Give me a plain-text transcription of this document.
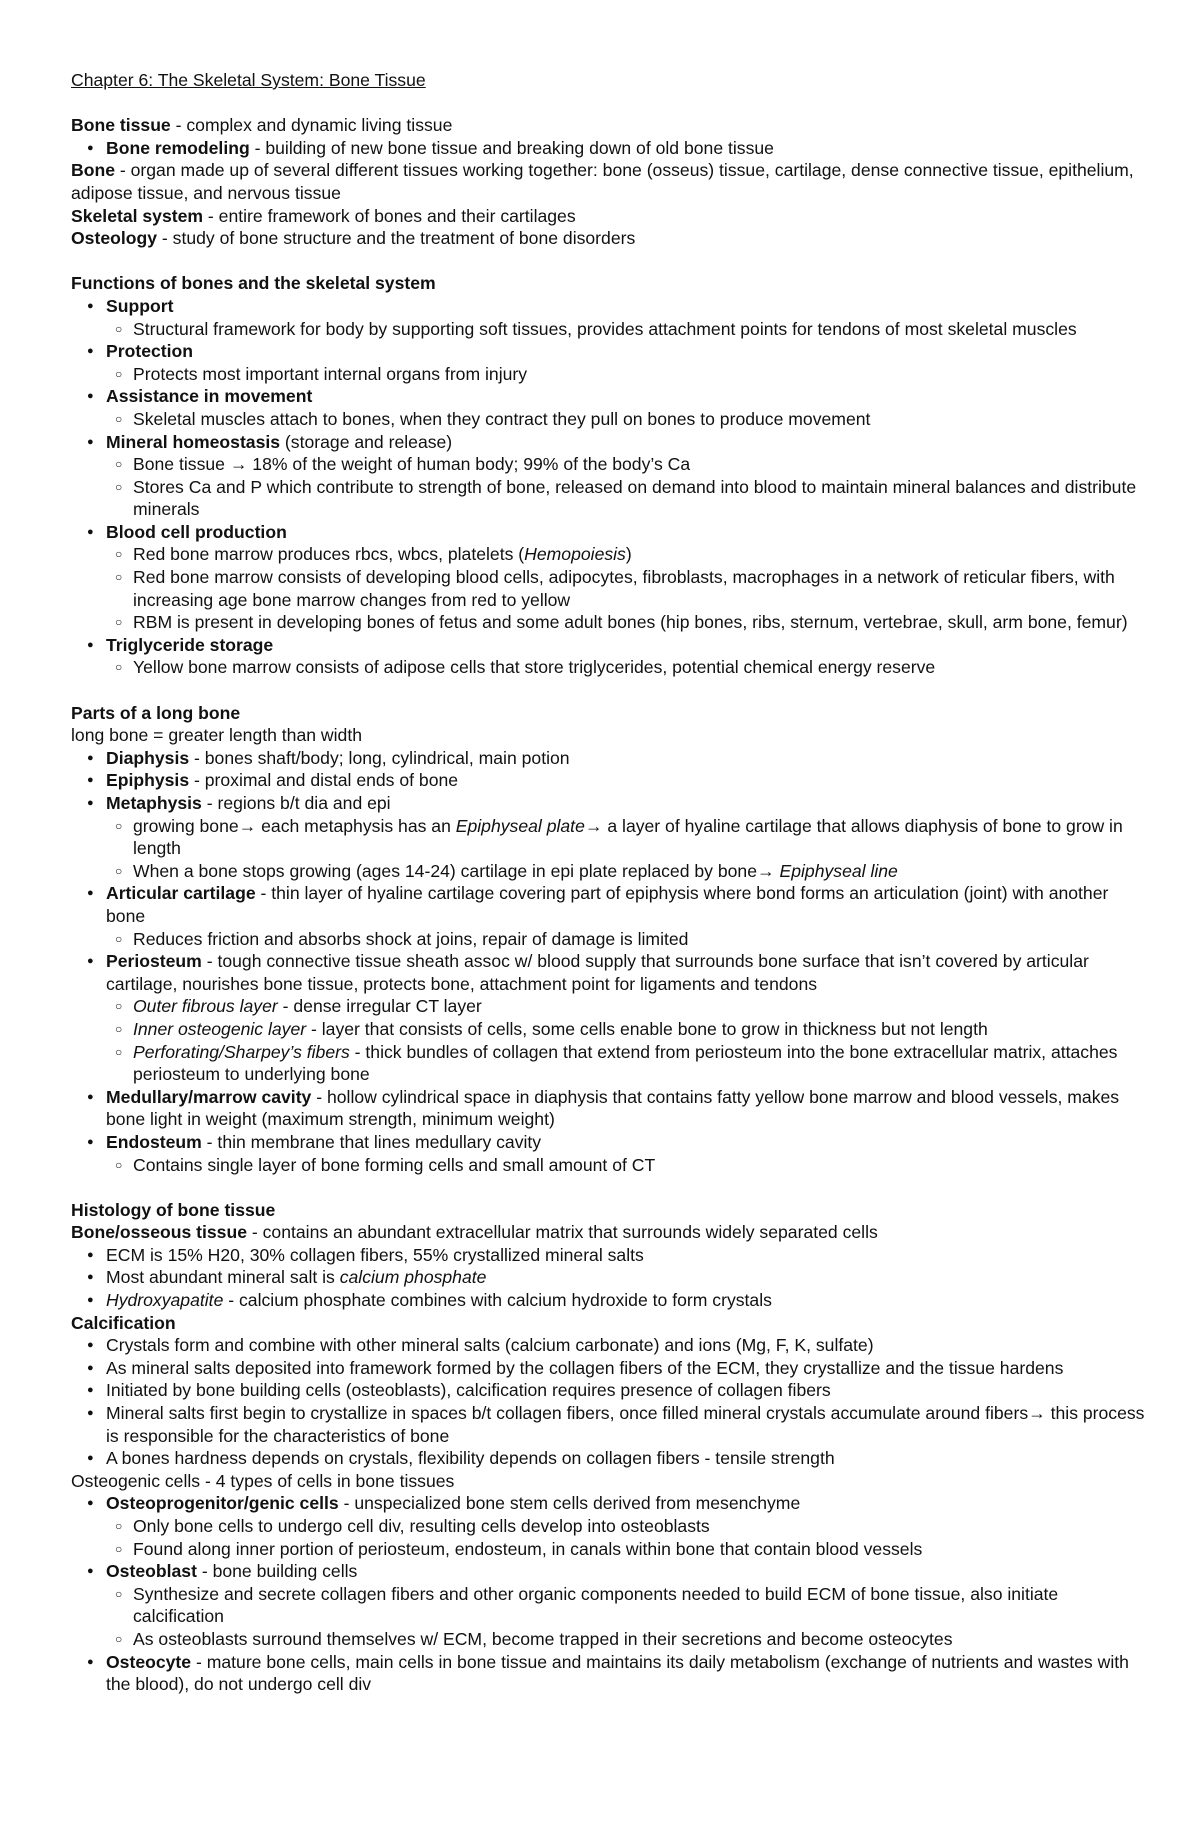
Chapter 6: The Skeletal System: Bone Tissue

Bone tissue - complex and dynamic living tissue

● Bone remodeling - building of new bone tissue and breaking down of old bone tissue

Bone - organ made up of several different tissues working together: bone (osseus) tissue, cartilage, dense connective tissue, epithelium, adipose tissue, and nervous tissue

Skeletal system - entire framework of bones and their cartilages

Osteology - study of bone structure and the treatment of bone disorders

Functions of bones and the skeletal system

● Support

○ Structural framework for body by supporting soft tissues, provides attachment points for tendons of most skeletal muscles

● Protection

○ Protects most important internal organs from injury

● Assistance in movement

○ Skeletal muscles attach to bones, when they contract they pull on bones to produce movement

● Mineral homeostasis (storage and release)

○ Bone tissue → 18% of the weight of human body; 99% of the body’s Ca

○ Stores Ca and P which contribute to strength of bone, released on demand into blood to maintain mineral balances and distribute minerals

● Blood cell production

○ Red bone marrow produces rbcs, wbcs, platelets (Hemopoiesis)

○ Red bone marrow consists of developing blood cells, adipocytes, fibroblasts, macrophages in a network of reticular fibers, with increasing age bone marrow changes from red to yellow

○ RBM is present in developing bones of fetus and some adult bones (hip bones, ribs, sternum, vertebrae, skull, arm bone, femur)

● Triglyceride storage

○ Yellow bone marrow consists of adipose cells that store triglycerides, potential chemical energy reserve

Parts of a long bone

long bone = greater length than width

● Diaphysis - bones shaft/body; long, cylindrical, main potion

● Epiphysis - proximal and distal ends of bone

● Metaphysis - regions b/t dia and epi

○ growing bone→ each metaphysis has an Epiphyseal plate→ a layer of hyaline cartilage that allows diaphysis of bone to grow in length

○ When a bone stops growing (ages 14-24) cartilage in epi plate replaced by bone→ Epiphyseal line

● Articular cartilage - thin layer of hyaline cartilage covering part of epiphysis where bond forms an articulation (joint) with another bone

○ Reduces friction and absorbs shock at joins, repair of damage is limited

● Periosteum - tough connective tissue sheath assoc w/ blood supply that surrounds bone surface that isn’t covered by articular cartilage, nourishes bone tissue, protects bone, attachment point for ligaments and tendons

○ Outer fibrous layer - dense irregular CT layer

○ Inner osteogenic layer - layer that consists of cells, some cells enable bone to grow in thickness but not length

○ Perforating/Sharpey’s fibers - thick bundles of collagen that extend from periosteum into the bone extracellular matrix, attaches periosteum to underlying bone

● Medullary/marrow cavity - hollow cylindrical space in diaphysis that contains fatty yellow bone marrow and blood vessels, makes bone light in weight (maximum strength, minimum weight)

● Endosteum - thin membrane that lines medullary cavity

○ Contains single layer of bone forming cells and small amount of CT

Histology of bone tissue

Bone/osseous tissue - contains an abundant extracellular matrix that surrounds widely separated cells

● ECM is 15% H20, 30% collagen fibers, 55% crystallized mineral salts

● Most abundant mineral salt is calcium phosphate

● Hydroxyapatite - calcium phosphate combines with calcium hydroxide to form crystals

Calcification

● Crystals form and combine with other mineral salts (calcium carbonate) and ions (Mg, F, K, sulfate)

● As mineral salts deposited into framework formed by the collagen fibers of the ECM, they crystallize and the tissue hardens

● Initiated by bone building cells (osteoblasts), calcification requires presence of collagen fibers

● Mineral salts first begin to crystallize in spaces b/t collagen fibers, once filled mineral crystals accumulate around fibers→ this process is responsible for the characteristics of bone

● A bones hardness depends on crystals, flexibility depends on collagen fibers - tensile strength

Osteogenic cells - 4 types of cells in bone tissues

● Osteoprogenitor/genic cells - unspecialized bone stem cells derived from mesenchyme

○ Only bone cells to undergo cell div, resulting cells develop into osteoblasts

○ Found along inner portion of periosteum, endosteum, in canals within bone that contain blood vessels

● Osteoblast - bone building cells

○ Synthesize and secrete collagen fibers and other organic components needed to build ECM of bone tissue, also initiate calcification

○ As osteoblasts surround themselves w/ ECM, become trapped in their secretions and become osteocytes

● Osteocyte - mature bone cells, main cells in bone tissue and maintains its daily metabolism (exchange of nutrients and wastes with the blood), do not undergo cell div
